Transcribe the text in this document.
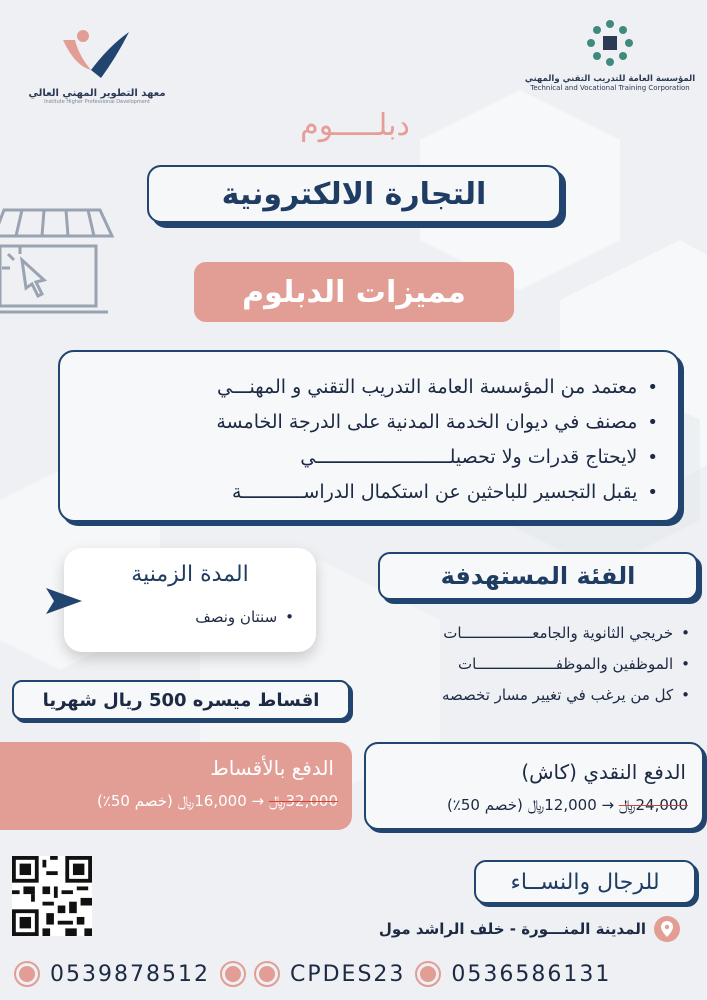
معهد التطوير المهني العالي
Institute Higher Professional Development
المؤسسة العامة للتدريب التقني والمهني
Technical and Vocational Training Corporation
دبلـــــوم
التجارة الالكترونية
مميزات الدبلوم
• معتمد من المؤسسة العامة التدريب التقني و المهنـــي
• مصنف في ديوان الخدمة المدنية على الدرجة الخامسة
• لايحتاج قدرات ولا تحصيلــــــــــــــــــــــــي
• يقبل التجسير للباحثين عن استكمال الدراســـــــــــة
المدة الزمنية
• سنتان ونصف
الفئة المستهدفة
• خريجي الثانوية والجامعــــــــــــــــات
• الموظفين والموظفــــــــــــــــــات
• كل من يرغب في تغيير مسار تخصصه
اقساط ميسره 500 ريال شهريا
الدفع بالأقساط
32,000﷼ → 16,000﷼ (خصم 50٪)
الدفع النقدي (كاش)
24,000﷼ → 12,000﷼ (خصم 50٪)
للرجال والنســاء
المدينة المنـــورة - خلف الراشد مول
0539878512	CPDES23 0536586131
